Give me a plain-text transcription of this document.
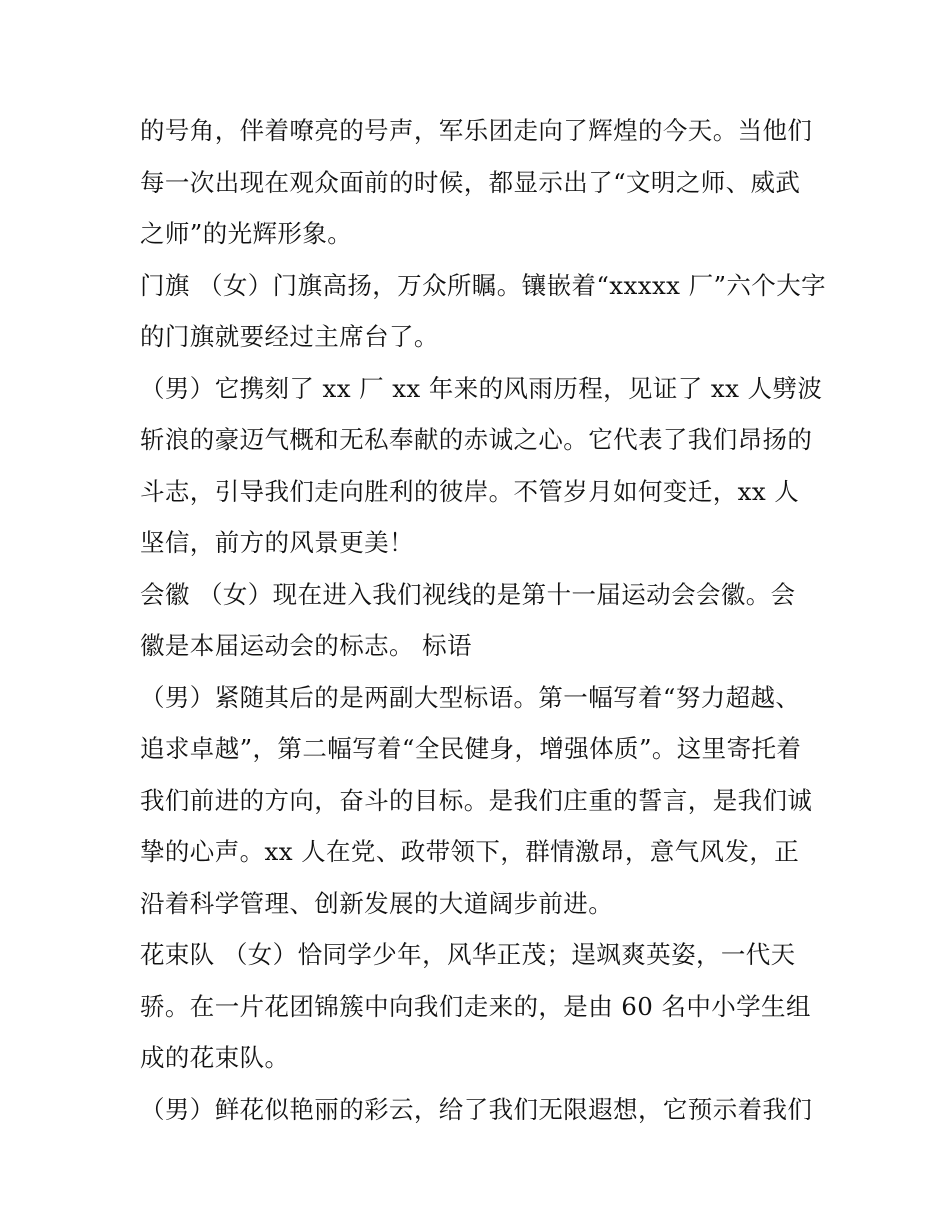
的号角，伴着嘹亮的号声，军乐团走向了辉煌的今天。当他们
每一次出现在观众面前的时候，都显示出了“文明之师、威武
之师”的光辉形象。
门旗 （女）门旗高扬，万众所瞩。镶嵌着“xxxxx 厂”六个大字
的门旗就要经过主席台了。
（男）它携刻了 xx 厂 xx 年来的风雨历程，见证了 xx 人劈波
斩浪的豪迈气概和无私奉献的赤诚之心。它代表了我们昂扬的
斗志，引导我们走向胜利的彼岸。不管岁月如何变迁，xx 人
坚信，前方的风景更美！
会徽 （女）现在进入我们视线的是第十一届运动会会徽。会
徽是本届运动会的标志。 标语
（男）紧随其后的是两副大型标语。第一幅写着“努力超越、
追求卓越”，第二幅写着“全民健身，增强体质”。这里寄托着
我们前进的方向，奋斗的目标。是我们庄重的誓言，是我们诚
挚的心声。xx 人在党、政带领下，群情激昂，意气风发，正
沿着科学管理、创新发展的大道阔步前进。
花束队 （女）恰同学少年，风华正茂；逞飒爽英姿，一代天
骄。在一片花团锦簇中向我们走来的，是由 60 名中小学生组
成的花束队。
（男）鲜花似艳丽的彩云，给了我们无限遐想，它预示着我们
